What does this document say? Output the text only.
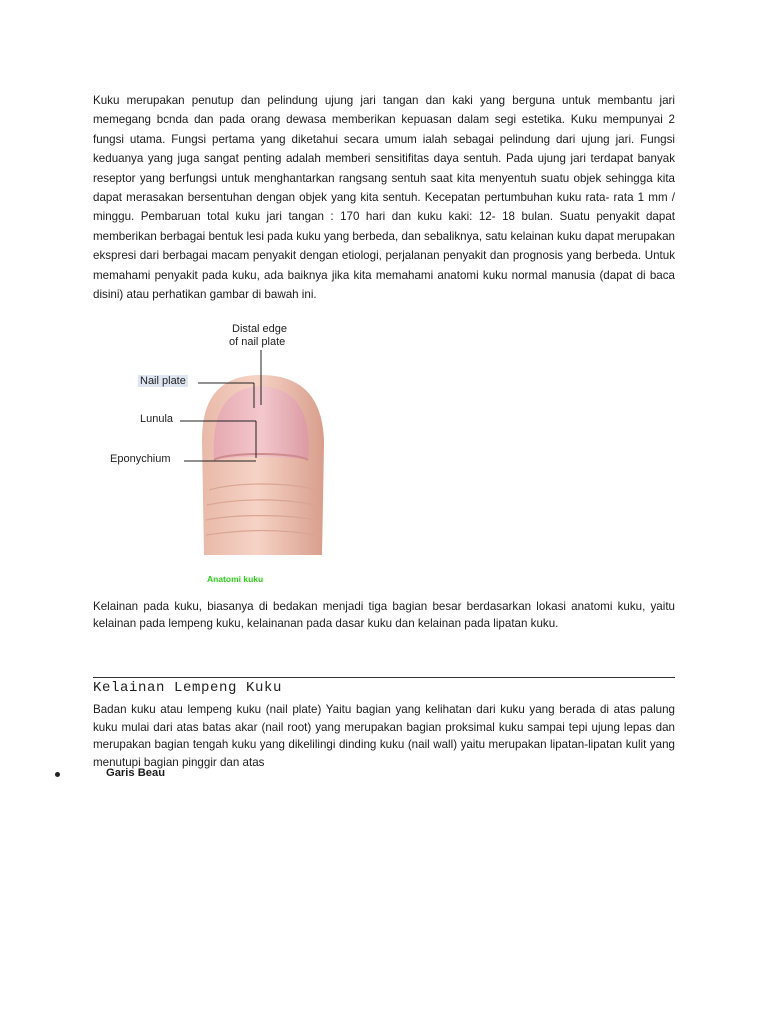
Kuku merupakan penutup dan pelindung ujung jari tangan dan kaki yang berguna untuk membantu jari memegang bcnda dan pada orang dewasa memberikan kepuasan dalam segi estetika. Kuku mempunyai 2 fungsi utama. Fungsi pertama yang diketahui secara umum ialah sebagai pelindung dari ujung jari. Fungsi keduanya yang juga sangat penting adalah memberi sensitifitas daya sentuh. Pada ujung jari terdapat banyak reseptor yang berfungsi untuk menghantarkan rangsang sentuh saat kita menyentuh suatu objek sehingga kita dapat merasakan bersentuhan dengan objek yang kita sentuh. Kecepatan pertumbuhan kuku rata- rata 1 mm / minggu. Pembaruan total kuku jari tangan : 170 hari dan kuku kaki: 12- 18 bulan. Suatu penyakit dapat memberikan berbagai bentuk lesi pada kuku yang berbeda, dan sebaliknya, satu kelainan kuku dapat merupakan ekspresi dari berbagai macam penyakit dengan etiologi, perjalanan penyakit dan prognosis yang berbeda. Untuk memahami penyakit pada kuku, ada baiknya jika kita memahami anatomi kuku normal manusia (dapat di baca disini) atau perhatikan gambar di bawah ini.

Distal edge
of nail plate
Nail plate
Lunula
Eponychium

Anatomi kuku

Kelainan pada kuku, biasanya di bedakan menjadi tiga bagian besar berdasarkan lokasi anatomi kuku, yaitu kelainan pada lempeng kuku, kelainanan pada dasar kuku dan kelainan pada lipatan kuku.

Kelainan Lempeng Kuku

Badan kuku atau lempeng kuku (nail plate) Yaitu bagian yang kelihatan dari kuku yang berada di atas palung kuku mulai dari atas batas akar (nail root) yang merupakan bagian proksimal kuku sampai tepi ujung lepas dan merupakan bagian tengah kuku yang dikelilingi dinding kuku (nail wall) yaitu merupakan lipatan-lipatan kulit yang menutupi bagian pinggir dan atas

Garis Beau
